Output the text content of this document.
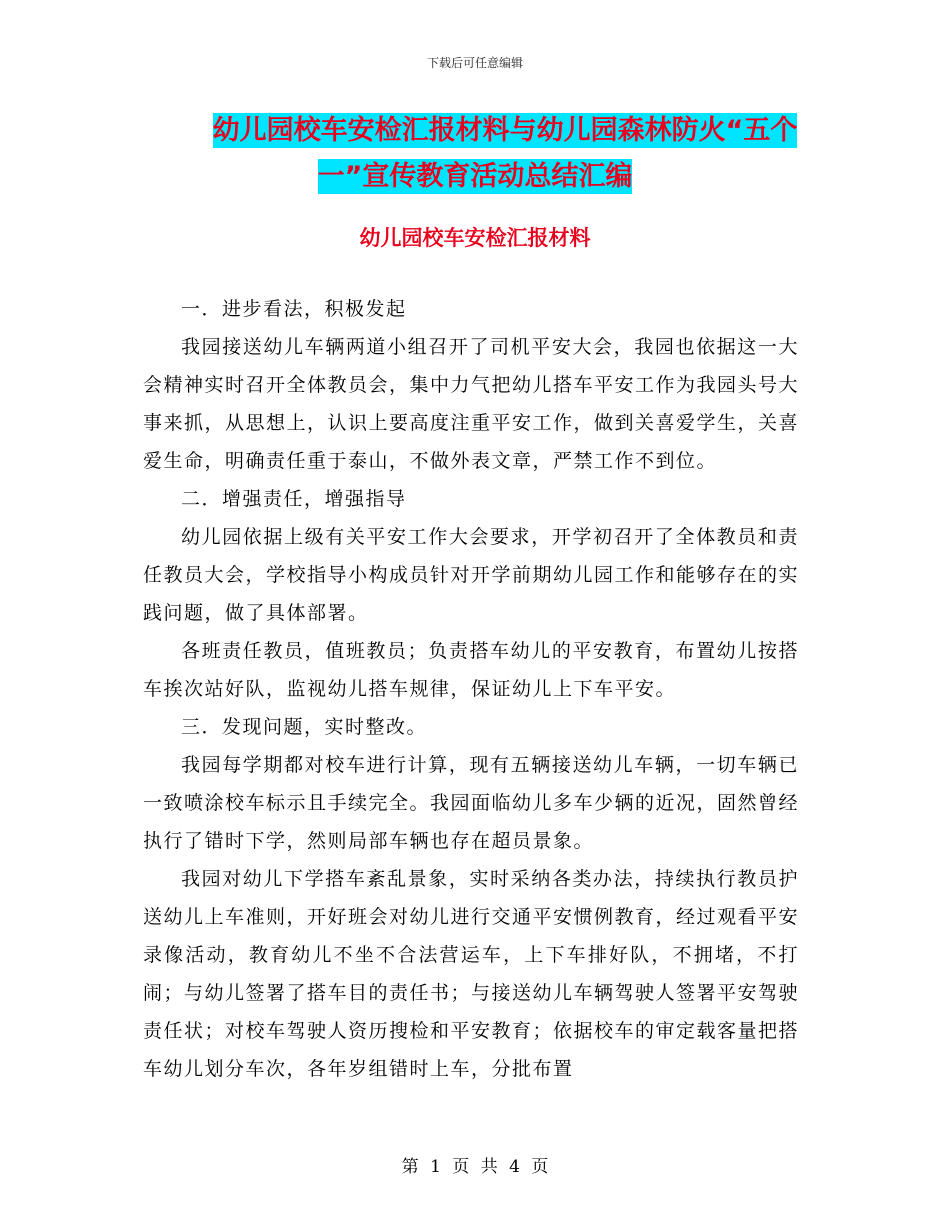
下载后可任意编辑
幼儿园校车安检汇报材料与幼儿园森林防火“五个
一”宣传教育活动总结汇编
幼儿园校车安检汇报材料

一．进步看法，积极发起

我园接送幼儿车辆两道小组召开了司机平安大会，我园也依据这一大会精神实时召开全体教员会，集中力气把幼儿搭车平安工作为我园头号大事来抓，从思想上，认识上要高度注重平安工作，做到关喜爱学生，关喜爱生命，明确责任重于泰山，不做外表文章，严禁工作不到位。

二．增强责任，增强指导

幼儿园依据上级有关平安工作大会要求，开学初召开了全体教员和责任教员大会，学校指导小构成员针对开学前期幼儿园工作和能够存在的实践问题，做了具体部署。

各班责任教员，值班教员；负责搭车幼儿的平安教育，布置幼儿按搭车挨次站好队，监视幼儿搭车规律，保证幼儿上下车平安。

三．发现问题，实时整改。

我园每学期都对校车进行计算，现有五辆接送幼儿车辆，一切车辆已一致喷涂校车标示且手续完全。我园面临幼儿多车少辆的近况，固然曾经执行了错时下学，然则局部车辆也存在超员景象。

我园对幼儿下学搭车紊乱景象，实时采纳各类办法，持续执行教员护送幼儿上车准则，开好班会对幼儿进行交通平安惯例教育，经过观看平安录像活动，教育幼儿不坐不合法营运车，上下车排好队，不拥堵，不打闹；与幼儿签署了搭车目的责任书；与接送幼儿车辆驾驶人签署平安驾驶责任状；对校车驾驶人资历搜检和平安教育；依据校车的审定载客量把搭车幼儿划分车次，各年岁组错时上车，分批布置

第 1 页 共 4 页
